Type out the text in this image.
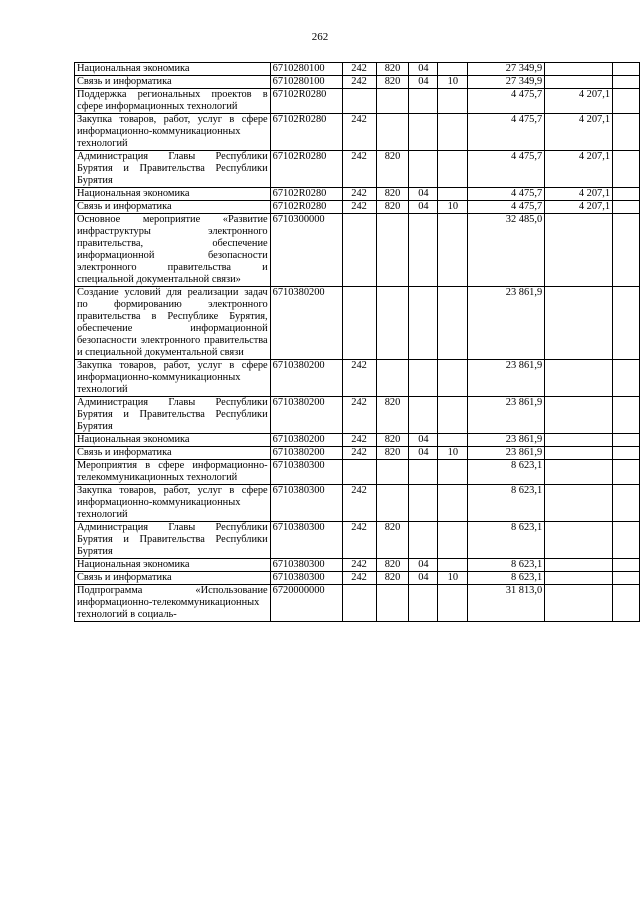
262
Национальная экономика	6710280100	242	820	04		27 349,9		
Связь и информатика	6710280100	242	820	04	10	27 349,9		
Поддержка региональных проектов в сфере информационных технологий	67102R0280					4 475,7	4 207,1	
Закупка товаров, работ, услуг в сфере информационно-коммуникационных технологий	67102R0280	242				4 475,7	4 207,1	
Администрация Главы Республики Бурятия и Правительства Республики Бурятия	67102R0280	242	820			4 475,7	4 207,1	
Национальная экономика	67102R0280	242	820	04		4 475,7	4 207,1	
Связь и информатика	67102R0280	242	820	04	10	4 475,7	4 207,1	
Основное мероприятие «Развитие инфраструктуры электронного правительства, обеспечение информационной безопасности электронного правительства и специальной документальной связи»	6710300000					32 485,0		
Создание условий для реализации задач по формированию электронного правительства в Республике Бурятия, обеспечение информационной безопасности электронного правительства и специальной документальной связи	6710380200					23 861,9		
Закупка товаров, работ, услуг в сфере информационно-коммуникационных технологий	6710380200	242				23 861,9		
Администрация Главы Республики Бурятия и Правительства Республики Бурятия	6710380200	242	820			23 861,9		
Национальная экономика	6710380200	242	820	04		23 861,9		
Связь и информатика	6710380200	242	820	04	10	23 861,9		
Мероприятия в сфере информационно-телекоммуникационных технологий	6710380300					8 623,1		
Закупка товаров, работ, услуг в сфере информационно-коммуникационных технологий	6710380300	242				8 623,1		
Администрация Главы Республики Бурятия и Правительства Республики Бурятия	6710380300	242	820			8 623,1		
Национальная экономика	6710380300	242	820	04		8 623,1		
Связь и информатика	6710380300	242	820	04	10	8 623,1		
Подпрограмма «Использование информационно-телекоммуникационных технологий в социаль-	6720000000					31 813,0		
